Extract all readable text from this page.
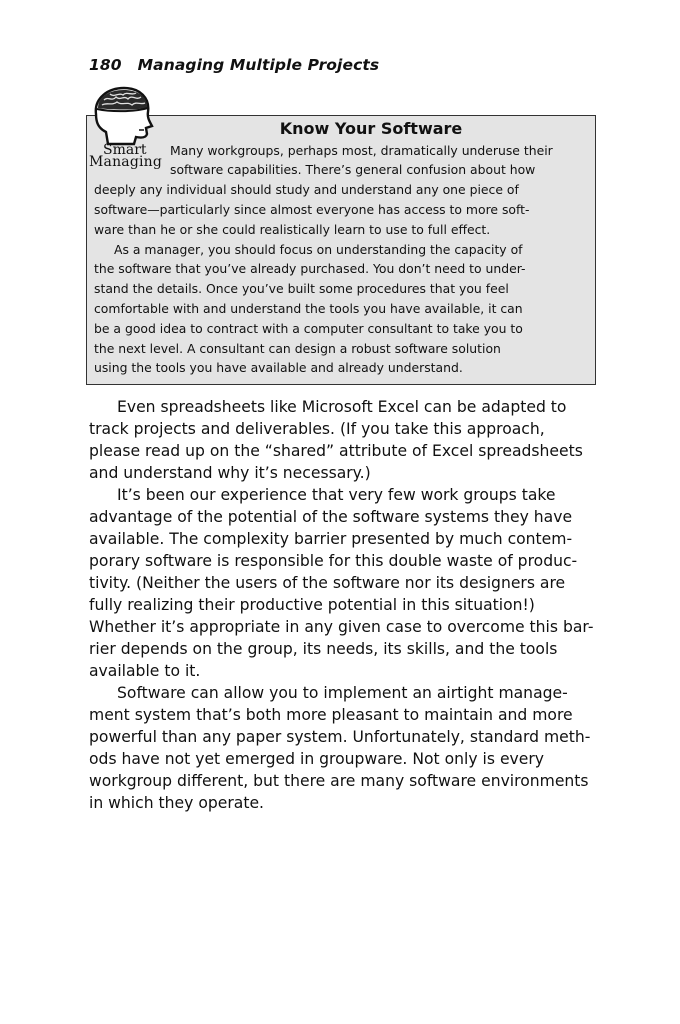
180 Managing Multiple Projects
Smart
Managing
Know Your Software
Many workgroups, perhaps most, dramatically underuse their
software capabilities. There’s general confusion about how
deeply any individual should study and understand any one piece of
software—particularly since almost everyone has access to more soft-
ware than he or she could realistically learn to use to full effect.
As a manager, you should focus on understanding the capacity of
the software that you’ve already purchased. You don’t need to under-
stand the details. Once you’ve built some procedures that you feel
comfortable with and understand the tools you have available, it can
be a good idea to contract with a computer consultant to take you to
the next level. A consultant can design a robust software solution
using the tools you have available and already understand.
Even spreadsheets like Microsoft Excel can be adapted to
track projects and deliverables. (If you take this approach,
please read up on the “shared” attribute of Excel spreadsheets
and understand why it’s necessary.)
It’s been our experience that very few work groups take
advantage of the potential of the software systems they have
available. The complexity barrier presented by much contem-
porary software is responsible for this double waste of produc-
tivity. (Neither the users of the software nor its designers are
fully realizing their productive potential in this situation!)
Whether it’s appropriate in any given case to overcome this bar-
rier depends on the group, its needs, its skills, and the tools
available to it.
Software can allow you to implement an airtight manage-
ment system that’s both more pleasant to maintain and more
powerful than any paper system. Unfortunately, standard meth-
ods have not yet emerged in groupware. Not only is every
workgroup different, but there are many software environments
in which they operate.
